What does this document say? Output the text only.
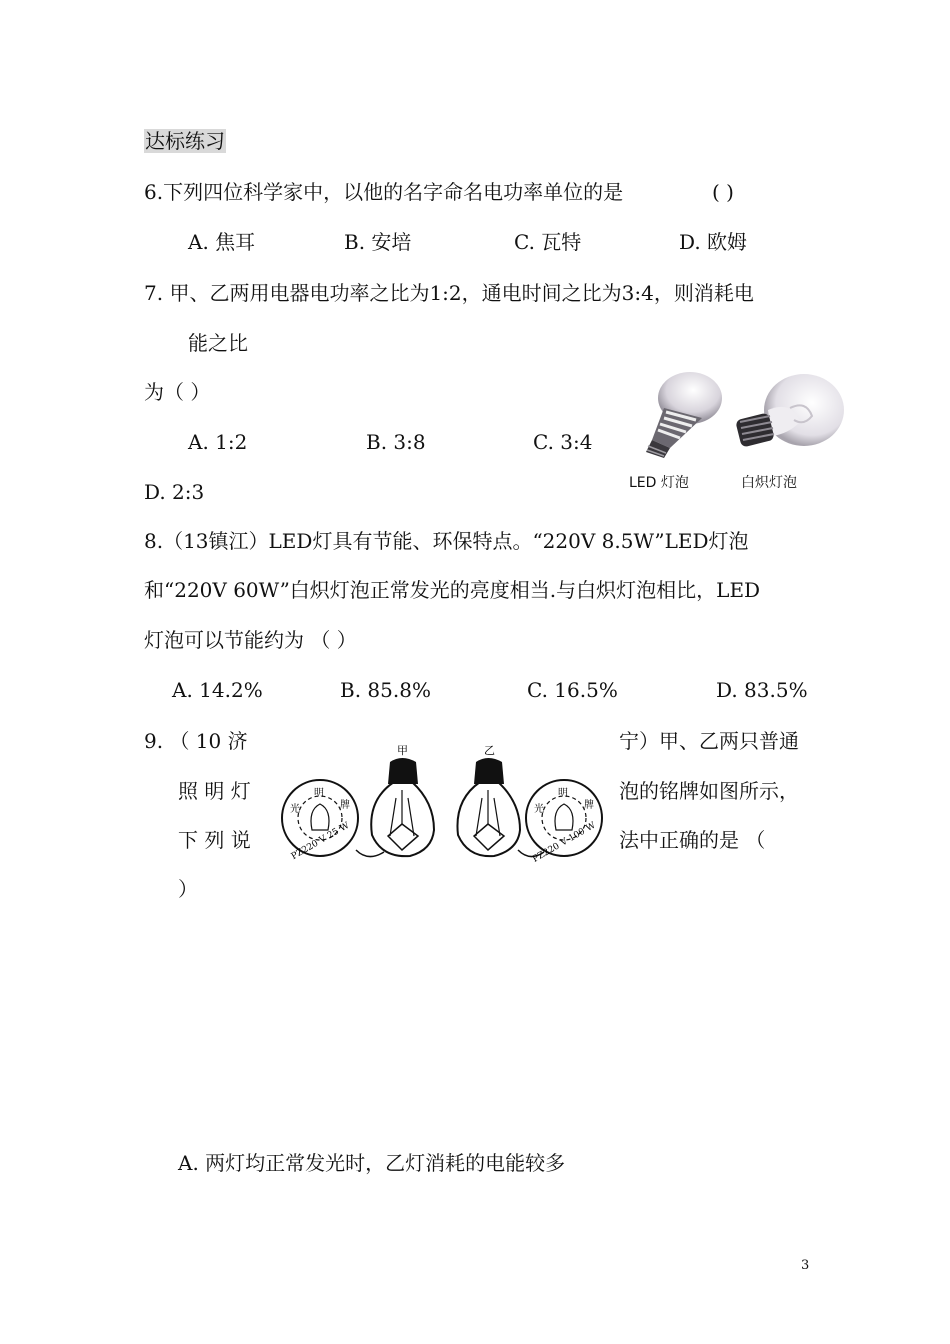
达标练习
6.下列四位科学家中，以他的名字命名电功率单位的是	( )
A. 焦耳	B. 安培	C. 瓦特	D. 欧姆
7. 甲、乙两用电器电功率之比为1:2，通电时间之比为3:4，则消耗电
能之比
为（ ）
A. 1:2	B. 3:8	C. 3:4
D. 2:3	LED 灯泡	白炽灯泡
8.（13镇江）LED灯具有节能、环保特点。“220V 8.5W”LED灯泡
和“220V 60W”白炽灯泡正常发光的亮度相当.与白炽灯泡相比，LED
灯泡可以节能约为 （ ）
A. 14.2%	B. 85.8%	C. 16.5%	D. 83.5%
9. （ 10 济
照 明 灯
下 列 说
）
宁）甲、乙两只普通
泡的铭牌如图所示，
法中正确的是 （
甲	乙
光
明
牌
PZ220 V 25 W
光
明
牌
PZ220 V 100 W
A. 两灯均正常发光时，乙灯消耗的电能较多
3
